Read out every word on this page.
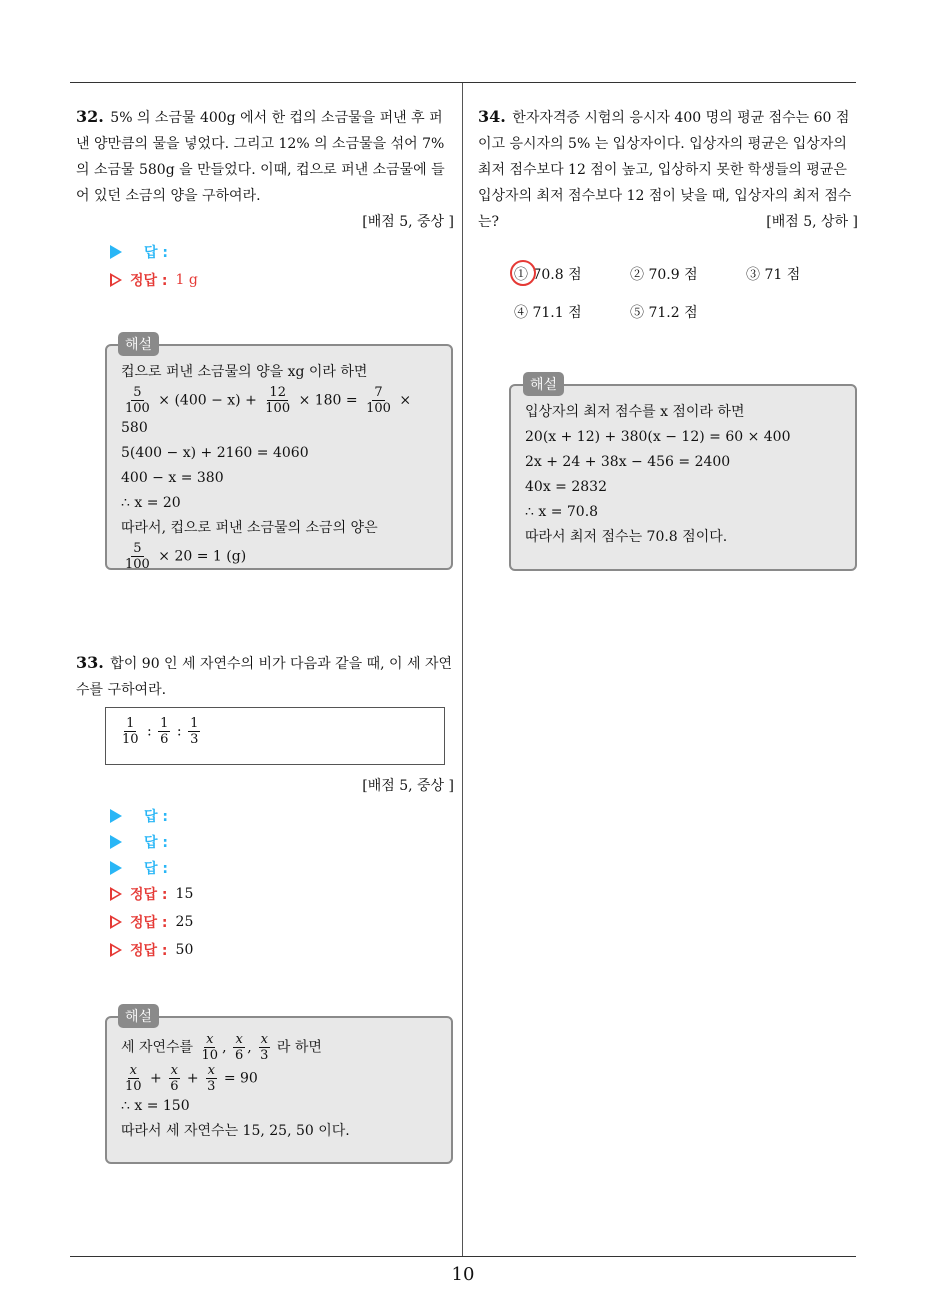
10
32. 5% 의 소금물 400g 에서 한 컵의 소금물을 퍼낸 후 퍼낸 양만큼의 물을 넣었다. 그리고 12% 의 소금물을 섞어 7% 의 소금물 580g 을 만들었다. 이때, 컵으로 퍼낸 소금물에 들어 있던 소금의 양을 구하여라.
[배점 5, 중상 ]
답 :
정답 : 1 g
컵으로 퍼낸 소금물의 양을 xg 이라 하면
$\frac{5}{100} \times (400 - x) + \frac{12}{100} \times 180 = \frac{7}{100} \times 580$
5(400 − x) + 2160 = 4060
400 − x = 380
∴ x = 20
따라서, 컵으로 퍼낸 소금물의 소금의 양은
$\frac{5}{100} \times 20 = 1$ (g)
해설
33. 합이 90 인 세 자연수의 비가 다음과 같을 때, 이 세 자연수를 구하여라.
$\frac{1}{10}$ : $\frac{1}{6}$ : $\frac{1}{3}$
[배점 5, 중상 ]
답 :
답 :
답 :
정답 : 15
정답 : 25
정답 : 50
세 자연수를 $\frac{x}{10}$ , $\frac{x}{6}$ , $\frac{x}{3}$ 라 하면
$\frac{x}{10} + \frac{x}{6} + \frac{x}{3} = 90$
∴ x = 150
따라서 세 자연수는 15, 25, 50 이다.
해설
34. 한자자격증 시험의 응시자 400 명의 평균 점수는 60 점이고 응시자의 5% 는 입상자이다. 입상자의 평균은 입상자의 최저 점수보다 12 점이 높고, 입상하지 못한 학생들의 평균은 입상자의 최저 점수보다 12 점이 낮을 때, 입상자의 최저 점수는?	[배점 5, 상하 ]
① 70.8 점	② 70.9 점	③ 71 점
④ 71.1 점	⑤ 71.2 점
입상자의 최저 점수를 x 점이라 하면
20(x + 12) + 380(x − 12) = 60 × 400
2x + 24 + 38x − 456 = 2400
40x = 2832
∴ x = 70.8
따라서 최저 점수는 70.8 점이다.
해설
